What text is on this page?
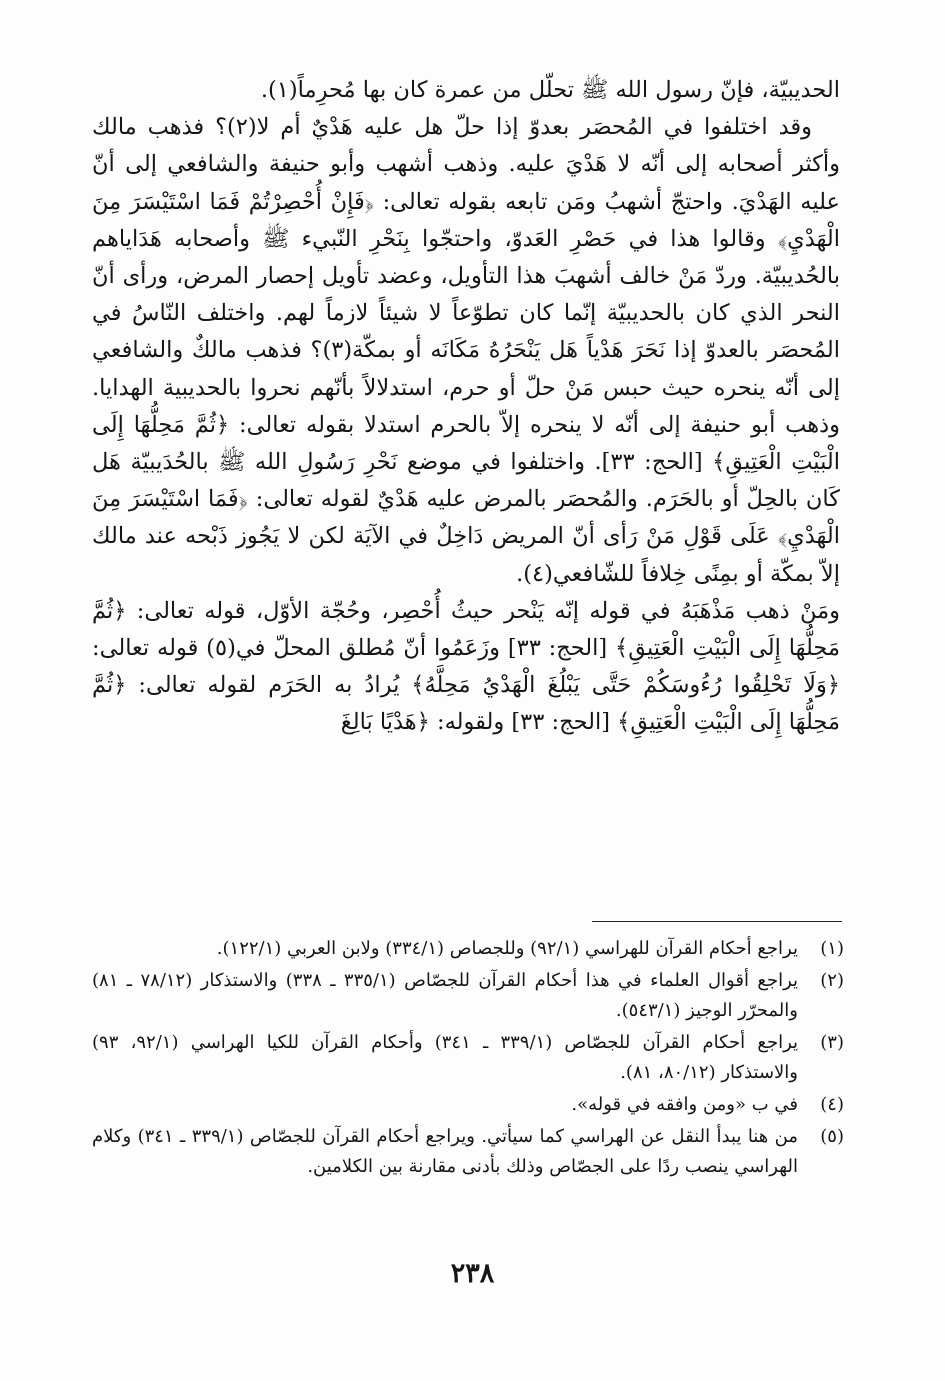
الحديبيّة، فإنّ رسول الله ﷺ تحلّل من عمرة كان بها مُحرِماً(١).

وقد اختلفوا في المُحصَر بعدوّ إذا حلّ هل عليه هَدْيٌ أم لا(٢)؟ فذهب مالك وأكثر أصحابه إلى أنّه لا هَدْيَ عليه. وذهب أشهب وأبو حنيفة والشافعي إلى أنّ عليه الهَدْيَ. واحتجّ أشهبُ ومَن تابعه بقوله تعالى: ﴿فَإِنْ أُحْصِرْتُمْ فَمَا اسْتَيْسَرَ مِنَ الْهَدْيِ﴾ وقالوا هذا في حَصْرِ العَدوّ، واحتجّوا بِنَحْرِ النّبيء ﷺ وأصحابه هَدَاياهم بالحُديبيّة. وردّ مَنْ خالف أشهبَ هذا التأويل، وعضد تأويل إحصار المرض، ورأى أنّ النحر الذي كان بالحديبيّة إنّما كان تطوّعاً لا شيئاً لازماً لهم. واختلف النّاسُ في المُحصَر بالعدوّ إذا نَحَرَ هَدْياً هَل يَنْحَرُهُ مَكَانَه أو بمكّة(٣)؟ فذهب مالكٌ والشافعي إلى أنّه ينحره حيث حبس مَنْ حلّ أو حرم، استدلالاً بأنّهم نحروا بالحديبية الهدايا. وذهب أبو حنيفة إلى أنّه لا ينحره إلاّ بالحرم استدلا بقوله تعالى: ﴿ثُمَّ مَحِلُّهَا إِلَى الْبَيْتِ الْعَتِيقِ﴾ [الحج: ٣٣]. واختلفوا في موضع نَحْرِ رَسُولِ الله ﷺ بالحُدَيبيّة هَل كَان بالحِلّ أو بالحَرَم. والمُحصَر بالمرض عليه هَدْيٌ لقوله تعالى: ﴿فَمَا اسْتَيْسَرَ مِنَ الْهَدْيِ﴾ عَلَى قَوْلِ مَنْ رَأى أنّ المريض دَاخِلٌ في الآيَة لكن لا يَجُوز ذَبْحه عند مالك إلاّ بمكّة أو بمِنًى خِلافاً للشّافعي(٤).

ومَنْ ذهب مَذْهَبَهُ في قوله إنّه يَنْحر حيثُ أُحْصِر، وحُجّة الأوّل، قوله تعالى: ﴿ثُمَّ مَحِلُّهَا إِلَى الْبَيْتِ الْعَتِيقِ﴾ [الحج: ٣٣] وزَعَمُوا أنّ مُطلق المحلّ في(٥) قوله تعالى: ﴿وَلَا تَحْلِقُوا رُءُوسَكُمْ حَتَّى يَبْلُغَ الْهَدْيُ مَحِلَّهُ﴾ يُرادُ به الحَرَم لقوله تعالى: ﴿ثُمَّ مَحِلُّهَا إِلَى الْبَيْتِ الْعَتِيقِ﴾ [الحج: ٣٣] ولقوله: ﴿هَدْيًا بَالِغَ

(١)
يراجع أحكام القرآن للهراسي (٩٢/١) وللجصاص (٣٣٤/١) ولابن العربي (١٢٢/١).
(٢)
يراجع أقوال العلماء في هذا أحكام القرآن للجصّاص (٣٣٥/١ ـ ٣٣٨) والاستذكار (٧٨/١٢ ـ ٨١) والمحرّر الوجيز (٥٤٣/١).
(٣)
يراجع أحكام القرآن للجصّاص (٣٣٩/١ ـ ٣٤١) وأحكام القرآن للكيا الهراسي (٩٢/١، ٩٣) والاستذكار (٨٠/١٢، ٨١).
(٤)
في ب «ومن وافقه في قوله».
(٥)
من هنا يبدأ النقل عن الهراسي كما سيأتي. ويراجع أحكام القرآن للجصّاص (٣٣٩/١ ـ ٣٤١) وكلام الهراسي ينصب ردًا على الجصّاص وذلك بأدنى مقارنة بين الكلامين.
٢٣٨
